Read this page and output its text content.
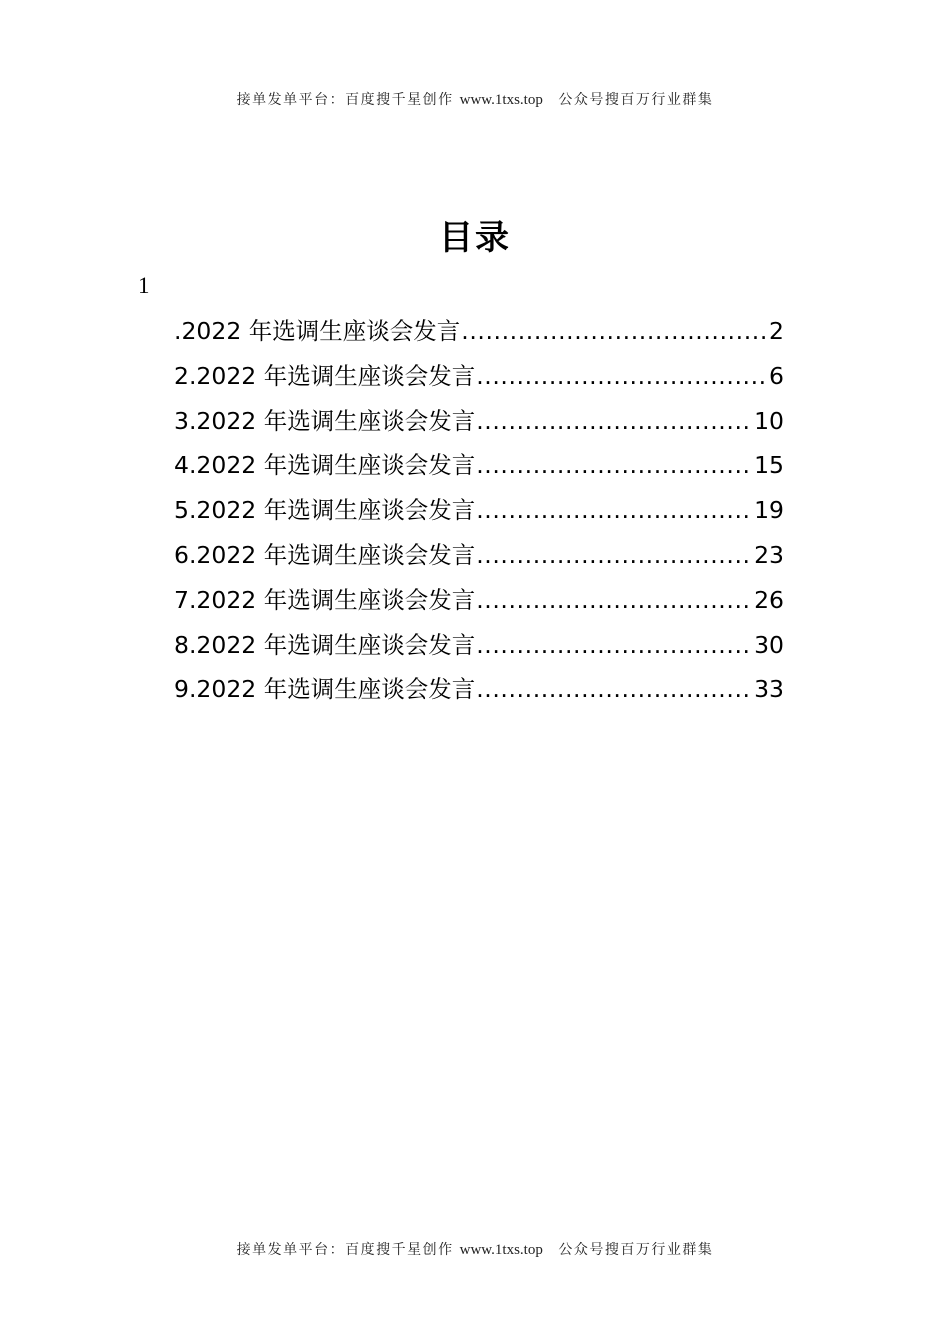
接单发单平台：百度搜千星创作 www.1txs.top　公众号搜百万行业群集
目录
1
.2022 年选调生座谈会发言 .....	2
2.2022 年选调生座谈会发言 .....	6
3.2022 年选调生座谈会发言 .....	10
4.2022 年选调生座谈会发言 .....	15
5.2022 年选调生座谈会发言 .....	19
6.2022 年选调生座谈会发言 .....	23
7.2022 年选调生座谈会发言 .....	26
8.2022 年选调生座谈会发言 .....	30
9.2022 年选调生座谈会发言 .....	33
接单发单平台：百度搜千星创作 www.1txs.top　公众号搜百万行业群集
